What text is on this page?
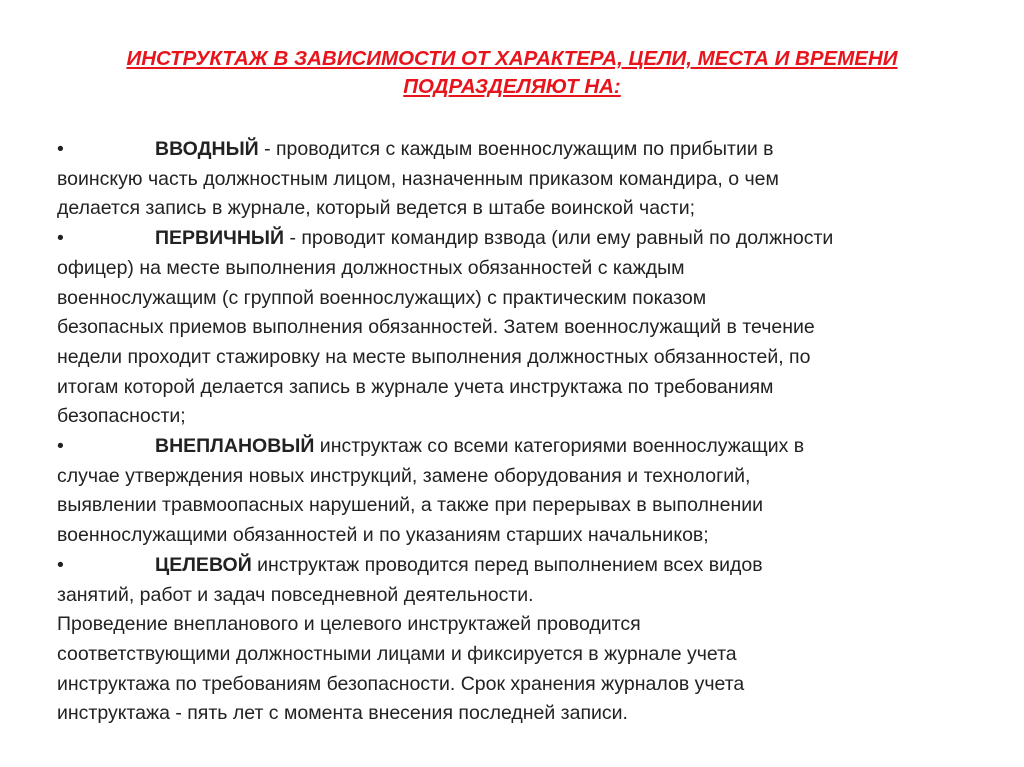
ИНСТРУКТАЖ В ЗАВИСИМОСТИ ОТ ХАРАКТЕРА, ЦЕЛИ, МЕСТА И ВРЕМЕНИ
ПОДРАЗДЕЛЯЮТ НА:
•	ВВОДНЫЙ - проводится с каждым военнослужащим по прибытии в
воинскую часть должностным лицом, назначенным приказом командира, о чем
делается запись в журнале, который ведется в штабе воинской части;
•	ПЕРВИЧНЫЙ - проводит командир взвода (или ему равный по должности
офицер) на месте выполнения должностных обязанностей с каждым
военнослужащим (с группой военнослужащих) с практическим показом
безопасных приемов выполнения обязанностей. Затем военнослужащий в течение
недели проходит стажировку на месте выполнения должностных обязанностей, по
итогам которой делается запись в журнале учета инструктажа по требованиям
безопасности;
•	ВНЕПЛАНОВЫЙ инструктаж со всеми категориями военнослужащих в
случае утверждения новых инструкций, замене оборудования и технологий,
выявлении травмоопасных нарушений, а также при перерывах в выполнении
военнослужащими обязанностей и по указаниям старших начальников;
•	ЦЕЛЕВОЙ инструктаж проводится перед выполнением всех видов
занятий, работ и задач повседневной деятельности.
Проведение внепланового и целевого инструктажей проводится
соответствующими должностными лицами и фиксируется в журнале учета
инструктажа по требованиям безопасности. Срок хранения журналов учета
инструктажа - пять лет с момента внесения последней записи.
